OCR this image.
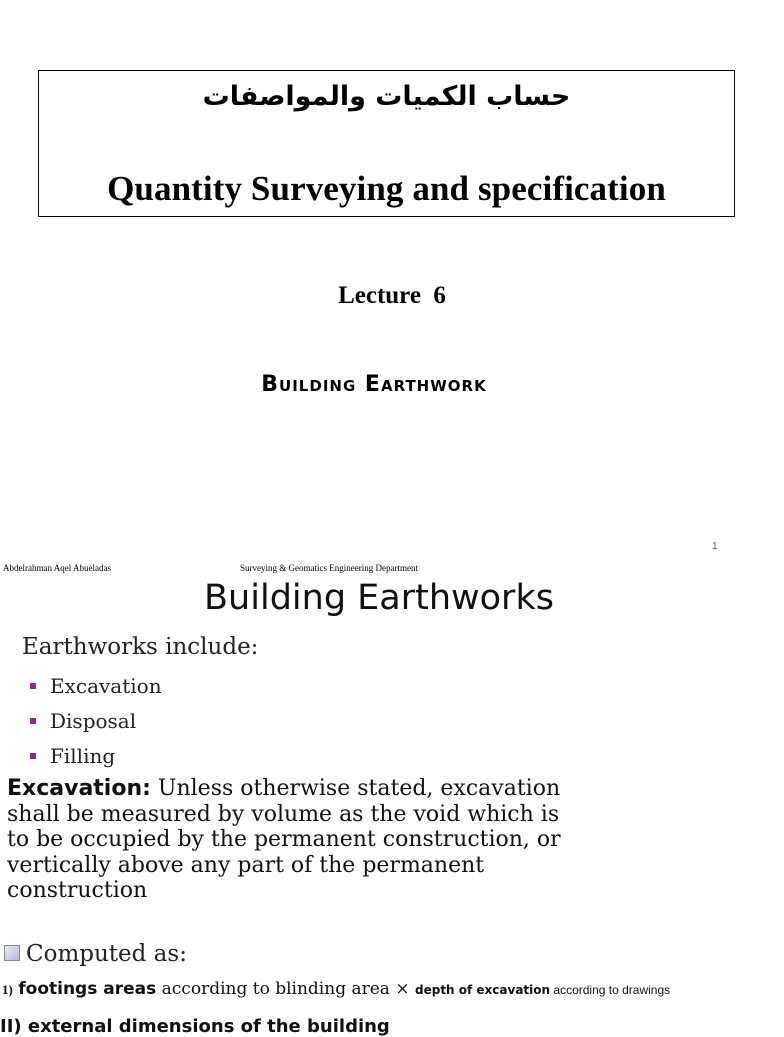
حساب الكميات والمواصفات
Quantity Surveying and specification
Lecture  6
Building Earthwork
1
Abdelrahman Aqel Abueladas	Surveying & Geomatics Engineering Department
Building Earthworks
Earthworks include:
Excavation
Disposal
Filling
Excavation: Unless otherwise stated, excavation shall be measured by volume as the void which is to be occupied by the permanent construction, or vertically above any part of the permanent construction
Computed as:
1) footings areas according to blinding area × depth of excavation according to drawings
II) external dimensions of the building
